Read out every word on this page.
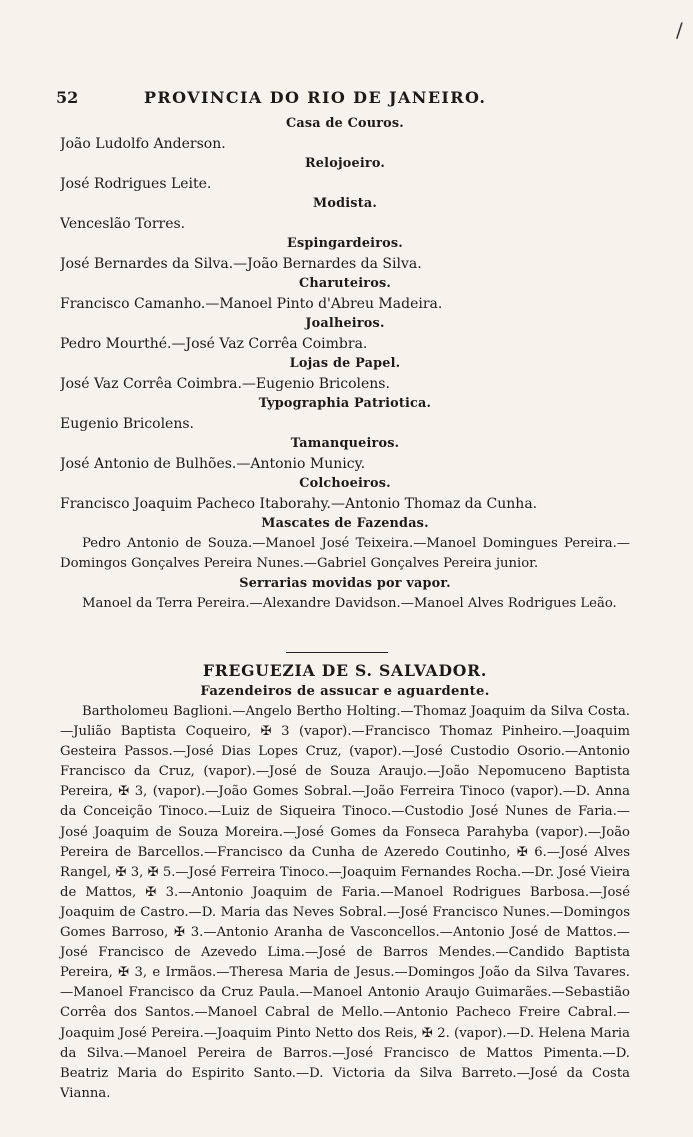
/
52	PROVINCIA DO RIO DE JANEIRO.
Casa de Couros.
João Ludolfo Anderson.
Relojoeiro.
José Rodrigues Leite.
Modista.
Venceslão Torres.
Espingardeiros.
José Bernardes da Silva.—João Bernardes da Silva.
Charuteiros.
Francisco Camanho.—Manoel Pinto d'Abreu Madeira.
Joalheiros.
Pedro Mourthé.—José Vaz Corrêa Coimbra.
Lojas de Papel.
José Vaz Corrêa Coimbra.—Eugenio Bricolens.
Typographia Patriotica.
Eugenio Bricolens.
Tamanqueiros.
José Antonio de Bulhões.—Antonio Municy.
Colchoeiros.
Francisco Joaquim Pacheco Itaborahy.—Antonio Thomaz da Cunha.
Mascates de Fazendas.

Pedro Antonio de Souza.—Manoel José Teixeira.—Manoel Domingues Pereira.—Domingos Gonçalves Pereira Nunes.—Gabriel Gonçalves Pereira junior.

Serrarias movidas por vapor.

Manoel da Terra Pereira.—Alexandre Davidson.—Manoel Alves Rodrigues Leão.

FREGUEZIA DE S. SALVADOR.
Fazendeiros de assucar e aguardente.

Bartholomeu Baglioni.—Angelo Bertho Holting.—Thomaz Joaquim da Silva Costa.—Julião Baptista Coqueiro, ✠ 3 (vapor).—Francisco Thomaz Pinheiro.—Joaquim Gesteira Passos.—José Dias Lopes Cruz, (vapor).—José Custodio Osorio.—Antonio Francisco da Cruz, (vapor).—José de Souza Araujo.—João Nepomuceno Baptista Pereira, ✠ 3, (vapor).—João Gomes Sobral.—João Ferreira Tinoco (vapor).—D. Anna da Conceição Tinoco.—Luiz de Siqueira Tinoco.—Custodio José Nunes de Faria.—José Joaquim de Souza Moreira.—José Gomes da Fonseca Parahyba (vapor).—João Pereira de Barcellos.—Francisco da Cunha de Azeredo Coutinho, ✠ 6.—José Alves Rangel, ✠ 3, ✠ 5.—José Ferreira Tinoco.—Joaquim Fernandes Rocha.—Dr. José Vieira de Mattos, ✠ 3.—Antonio Joaquim de Faria.—Manoel Rodrigues Barbosa.—José Joaquim de Castro.—D. Maria das Neves Sobral.—José Francisco Nunes.—Domingos Gomes Barroso, ✠ 3.—Antonio Aranha de Vasconcellos.—Antonio José de Mattos.—José Francisco de Azevedo Lima.—José de Barros Mendes.—Candido Baptista Pereira, ✠ 3, e Irmãos.—Theresa Maria de Jesus.—Domingos João da Silva Tavares.—Manoel Francisco da Cruz Paula.—Manoel Antonio Araujo Guimarães.—Sebastião Corrêa dos Santos.—Manoel Cabral de Mello.—Antonio Pacheco Freire Cabral.—Joaquim José Pereira.—Joaquim Pinto Netto dos Reis, ✠ 2. (vapor).—D. Helena Maria da Silva.—Manoel Pereira de Barros.—José Francisco de Mattos Pimenta.—D. Beatriz Maria do Espirito Santo.—D. Victoria da Silva Barreto.—José da Costa Vianna.
